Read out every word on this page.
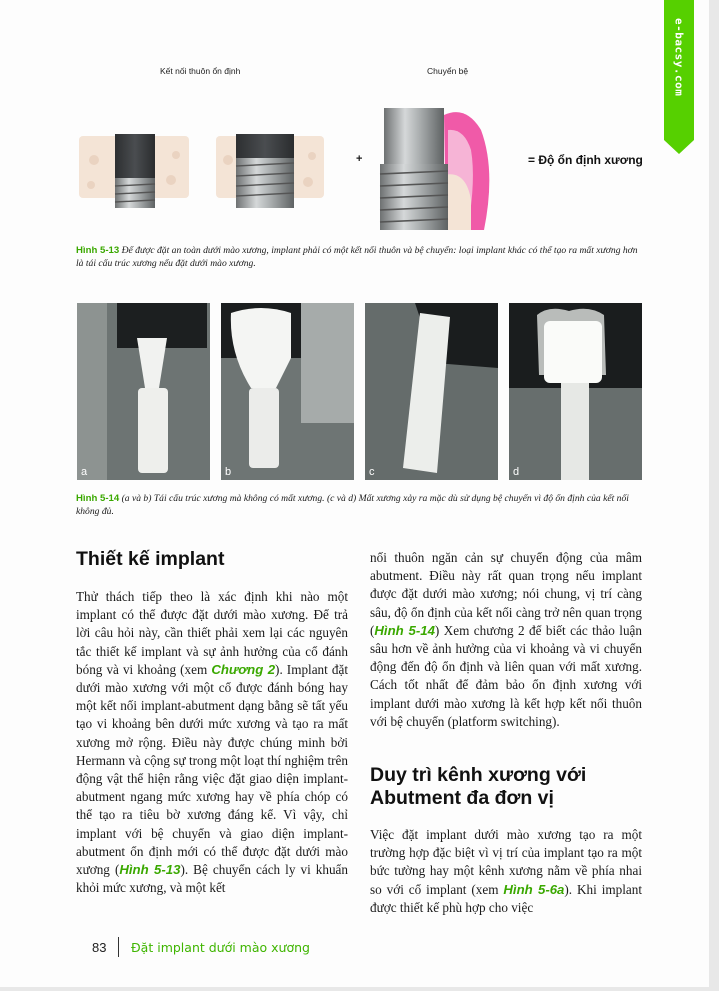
e-bacsy.com
Kết nối thuôn ổn định	Chuyển bệ
+	= Độ ổn định xương
Hình 5-13 Để được đặt an toàn dưới mào xương, implant phải có một kết nối thuôn và bệ chuyển: loại implant khác có thể tạo ra mất xương hơn là tái cấu trúc xương nếu đặt dưới mào xương.
a	b	c	d
Hình 5-14 (a và b) Tái cấu trúc xương mà không có mất xương. (c và d) Mất xương xảy ra mặc dù sử dụng bệ chuyển vì độ ổn định của kết nối không đủ.
Thiết kế implant

Thử thách tiếp theo là xác định khi nào một implant có thể được đặt dưới mào xương. Để trả lời câu hỏi này, cần thiết phải xem lại các nguyên tắc thiết kế implant và sự ảnh hưởng của cổ đánh bóng và vi khoảng (xem Chương 2). Implant đặt dưới mào xương với một cổ được đánh bóng hay một kết nối implant-abutment dạng bằng sẽ tất yếu tạo vi khoảng bên dưới mức xương và tạo ra mất xương mở rộng. Điều này được chúng minh bởi Hermann và cộng sự trong một loạt thí nghiệm trên động vật thể hiện rằng việc đặt giao diện implant-abutment ngang mức xương hay về phía chóp có thể tạo ra tiêu bờ xương đáng kể. Vì vậy, chỉ implant với bệ chuyển và giao diện implant-abutment ổn định mới có thể được đặt dưới mào xương (Hình 5-13). Bệ chuyển cách ly vi khuẩn khỏi mức xương, và một kết

nối thuôn ngăn cản sự chuyển động của mâm abutment. Điều này rất quan trọng nếu implant được đặt dưới mào xương; nói chung, vị trí càng sâu, độ ổn định của kết nối càng trở nên quan trọng (Hình 5-14) Xem chương 2 để biết các thảo luận sâu hơn về ảnh hưởng của vi khoảng và vi chuyển động đến độ ổn định và liên quan với mất xương. Cách tốt nhất để đảm bảo ổn định xương với implant dưới mào xương là kết hợp kết nối thuôn với bệ chuyển (platform switching).

Duy trì kênh xương với Abutment đa đơn vị

Việc đặt implant dưới mào xương tạo ra một trường hợp đặc biệt vì vị trí của implant tạo ra một bức tường hay một kênh xương nằm về phía nhai so với cổ implant (xem Hình 5-6a). Khi implant được thiết kế phù hợp cho việc

83 Đặt implant dưới mào xương
